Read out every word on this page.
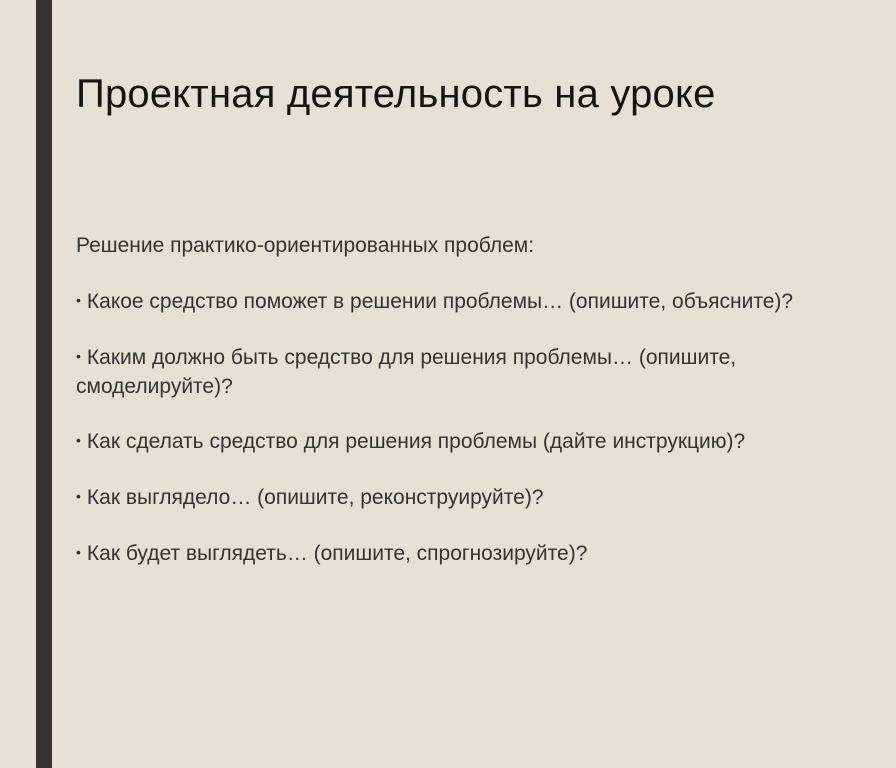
Проектная деятельность на уроке

Решение практико-ориентированных проблем:

• Какое средство поможет в решении проблемы… (опишите, объясните)?
• Каким должно быть средство для решения проблемы… (опишите, смоделируйте)?
• Как сделать средство для решения проблемы (дайте инструкцию)?
• Как выглядело… (опишите, реконструируйте)?
• Как будет выглядеть… (опишите, спрогнозируйте)?
